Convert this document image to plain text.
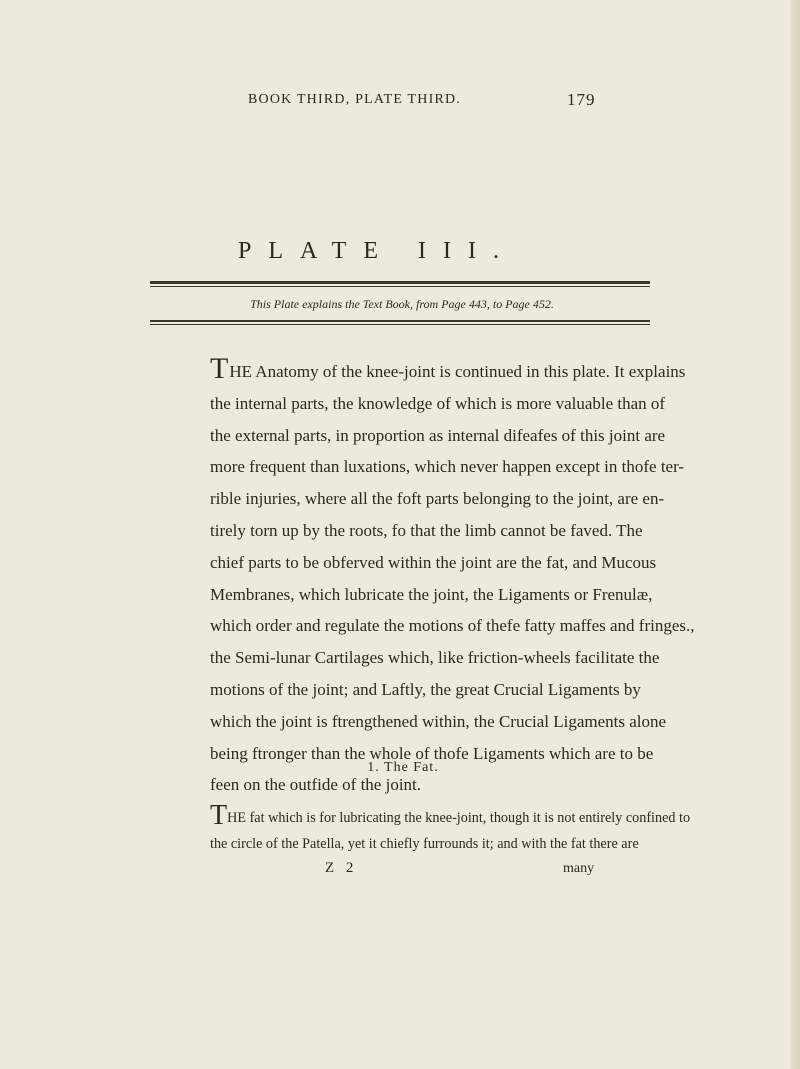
BOOK THIRD, PLATE THIRD.	179
PLATE III.
This Plate explains the Text Book, from Page 443, to Page 452.
THE Anatomy of the knee-joint is continued in this plate. It explains
the internal parts, the knowledge of which is more valuable than of
the external parts, in proportion as internal difeafes of this joint are
more frequent than luxations, which never happen except in thofe ter-
rible injuries, where all the foft parts belonging to the joint, are en-
tirely torn up by the roots, fo that the limb cannot be faved. The
chief parts to be obferved within the joint are the fat, and Mucous
Membranes, which lubricate the joint, the Ligaments or Frenulæ,
which order and regulate the motions of thefe fatty maffes and fringes.,
the Semi-lunar Cartilages which, like friction-wheels facilitate the
motions of the joint; and Laftly, the great Crucial Ligaments by
which the joint is ftrengthened within, the Crucial Ligaments alone
being ftronger than the whole of thofe Ligaments which are to be
feen on the outfide of the joint.
1. The Fat.
THE fat which is for lubricating the knee-joint, though it is not entirely confined to
the circle of the Patella, yet it chiefly furrounds it; and with the fat there are
Z 2	many
